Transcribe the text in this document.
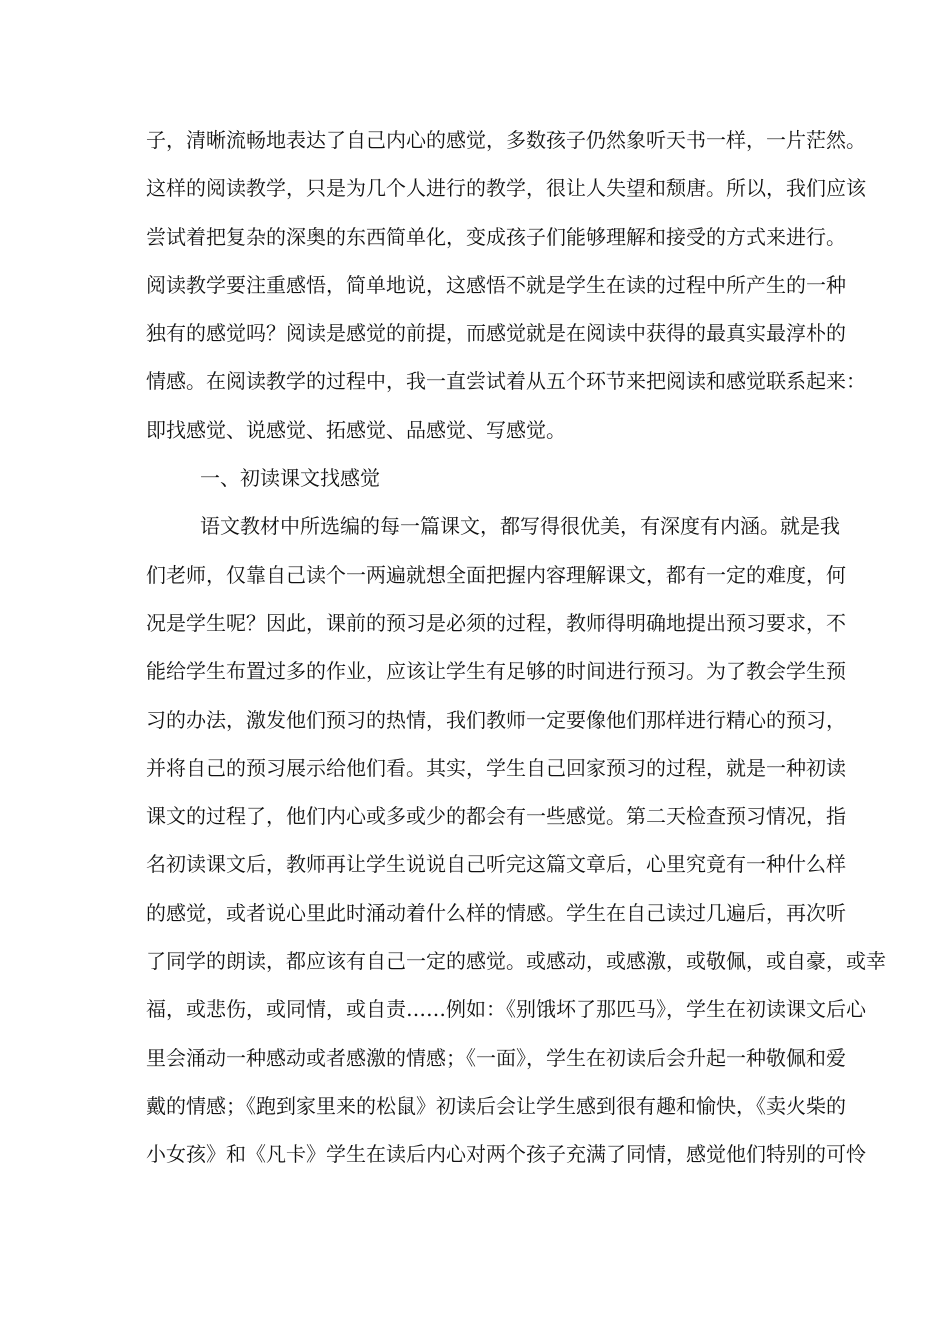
子，清晰流畅地表达了自己内心的感觉，多数孩子仍然象听天书一样，一片茫然。
这样的阅读教学，只是为几个人进行的教学，很让人失望和颓唐。所以，我们应该
尝试着把复杂的深奥的东西简单化，变成孩子们能够理解和接受的方式来进行。
阅读教学要注重感悟，简单地说，这感悟不就是学生在读的过程中所产生的一种
独有的感觉吗？阅读是感觉的前提，而感觉就是在阅读中获得的最真实最淳朴的
情感。在阅读教学的过程中，我一直尝试着从五个环节来把阅读和感觉联系起来：
即找感觉、说感觉、拓感觉、品感觉、写感觉。
一、初读课文找感觉
语文教材中所选编的每一篇课文，都写得很优美，有深度有内涵。就是我
们老师，仅靠自己读个一两遍就想全面把握内容理解课文，都有一定的难度，何
况是学生呢？因此，课前的预习是必须的过程，教师得明确地提出预习要求，不
能给学生布置过多的作业，应该让学生有足够的时间进行预习。为了教会学生预
习的办法，激发他们预习的热情，我们教师一定要像他们那样进行精心的预习，
并将自己的预习展示给他们看。其实，学生自己回家预习的过程，就是一种初读
课文的过程了，他们内心或多或少的都会有一些感觉。第二天检查预习情况，指
名初读课文后，教师再让学生说说自己听完这篇文章后，心里究竟有一种什么样
的感觉，或者说心里此时涌动着什么样的情感。学生在自己读过几遍后，再次听
了同学的朗读，都应该有自己一定的感觉。或感动，或感激，或敬佩，或自豪，或幸
福，或悲伤，或同情，或自责……例如：《别饿坏了那匹马》，学生在初读课文后心
里会涌动一种感动或者感激的情感；《一面》，学生在初读后会升起一种敬佩和爱
戴的情感；《跑到家里来的松鼠》初读后会让学生感到很有趣和愉快，《卖火柴的
小女孩》和《凡卡》学生在读后内心对两个孩子充满了同情，感觉他们特别的可怜
